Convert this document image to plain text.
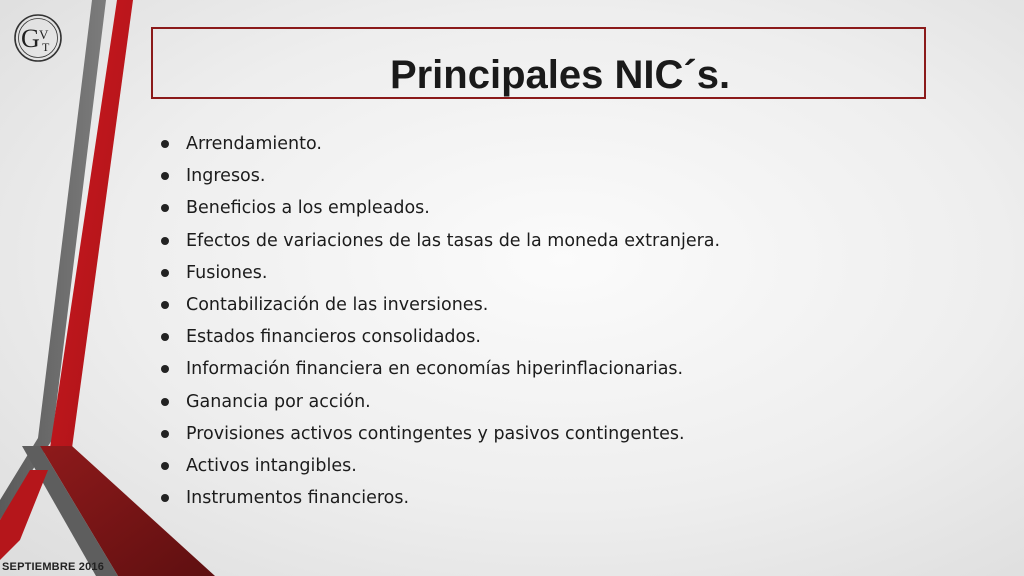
G V
T
Principales NIC´s.
Arrendamiento.
Ingresos.
Beneficios a los empleados.
Efectos de variaciones de las tasas de la moneda extranjera.
Fusiones.
Contabilización de las inversiones.
Estados financieros consolidados.
Información financiera en economías hiperinflacionarias.
Ganancia por acción.
Provisiones activos contingentes y pasivos contingentes.
Activos intangibles.
Instrumentos financieros.
SEPTIEMBRE 2016
